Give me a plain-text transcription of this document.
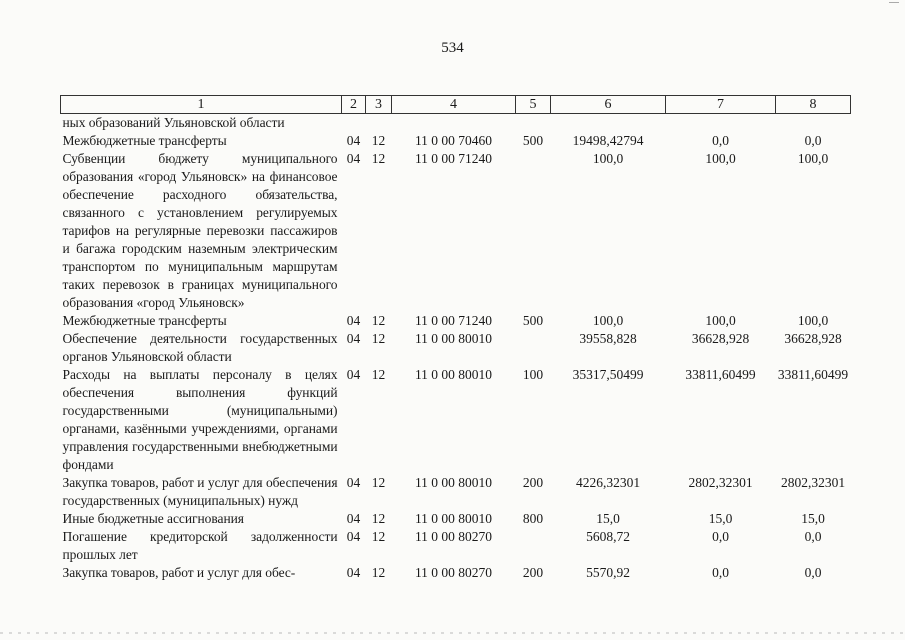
534
1	2	3	4	5	6	7	8
ных образований Ульяновской области							
Межбюджетные трансферты	04	12	11 0 00 70460	500	19498,42794	0,0	0,0
Субвенции бюджету муниципального образования «город Ульяновск» на финансовое обеспечение расходного обязательства, связанного с установлением регулируемых тарифов на регулярные перевозки пассажиров и багажа городским наземным электрическим транспортом по муниципальным маршрутам таких перевозок в границах муниципального образования «город Ульяновск»	04	12	11 0 00 71240		100,0	100,0	100,0
Межбюджетные трансферты	04	12	11 0 00 71240	500	100,0	100,0	100,0
Обеспечение деятельности государственных органов Ульяновской области	04	12	11 0 00 80010		39558,828	36628,928	36628,928
Расходы на выплаты персоналу в целях обеспечения выполнения функций государственными (муниципальными) органами, казёнными учреждениями, органами управления государственными внебюджетными фондами	04	12	11 0 00 80010	100	35317,50499	33811,60499	33811,60499
Закупка товаров, работ и услуг для обеспечения государственных (муниципальных) нужд	04	12	11 0 00 80010	200	4226,32301	2802,32301	2802,32301
Иные бюджетные ассигнования	04	12	11 0 00 80010	800	15,0	15,0	15,0
Погашение кредиторской задолженности прошлых лет	04	12	11 0 00 80270		5608,72	0,0	0,0
Закупка товаров, работ и услуг для обес-	04	12	11 0 00 80270	200	5570,92	0,0	0,0
